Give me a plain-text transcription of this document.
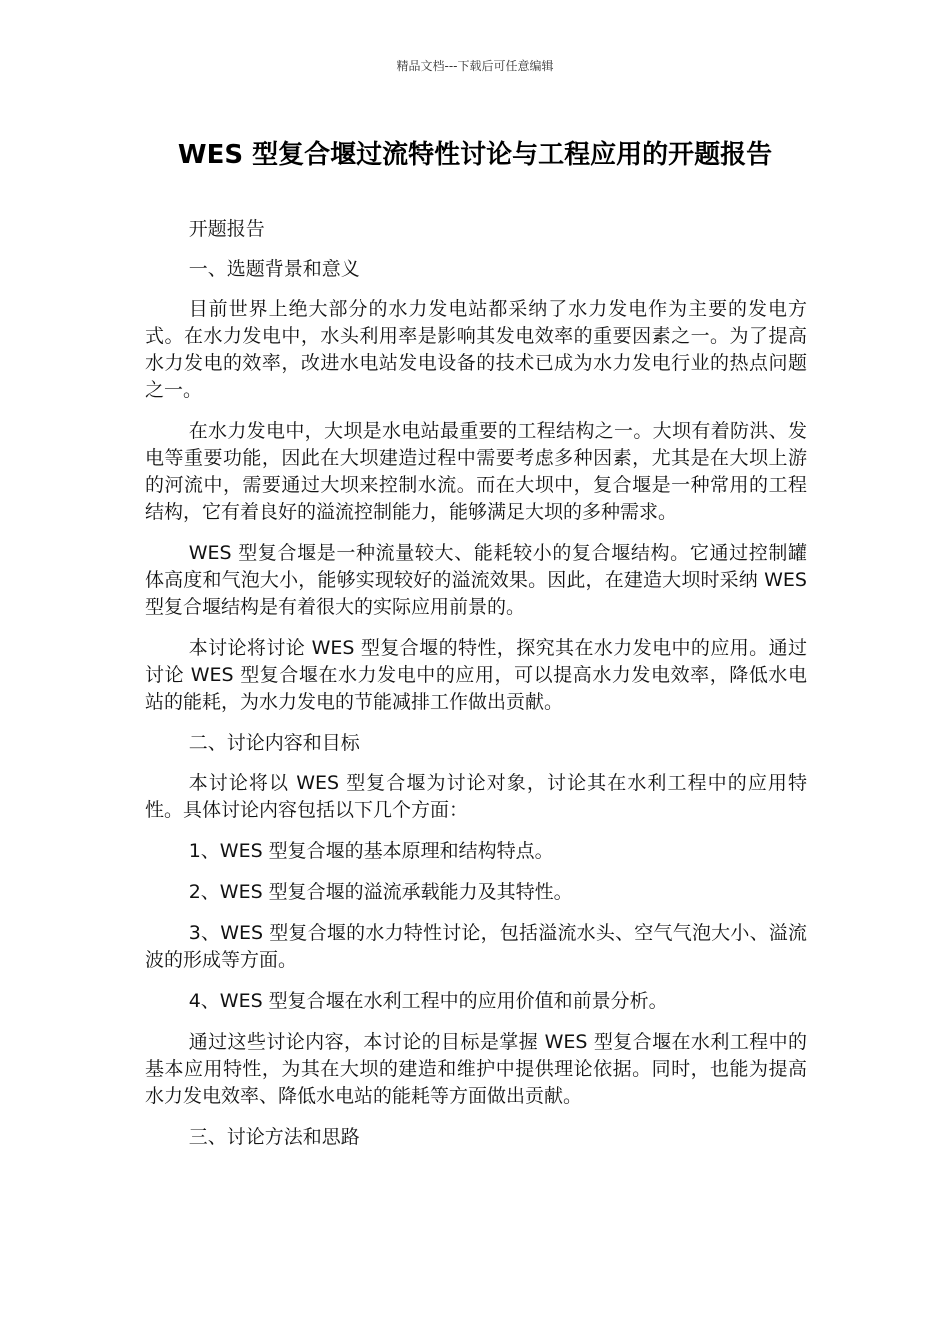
精品文档---下载后可任意编辑
WES 型复合堰过流特性讨论与工程应用的开题报告

开题报告

一、选题背景和意义

目前世界上绝大部分的水力发电站都采纳了水力发电作为主要的发电方式。在水力发电中，水头利用率是影响其发电效率的重要因素之一。为了提高水力发电的效率，改进水电站发电设备的技术已成为水力发电行业的热点问题之一。

在水力发电中，大坝是水电站最重要的工程结构之一。大坝有着防洪、发电等重要功能，因此在大坝建造过程中需要考虑多种因素，尤其是在大坝上游的河流中，需要通过大坝来控制水流。而在大坝中，复合堰是一种常用的工程结构，它有着良好的溢流控制能力，能够满足大坝的多种需求。

WES 型复合堰是一种流量较大、能耗较小的复合堰结构。它通过控制罐体高度和气泡大小，能够实现较好的溢流效果。因此，在建造大坝时采纳 WES 型复合堰结构是有着很大的实际应用前景的。

本讨论将讨论 WES 型复合堰的特性，探究其在水力发电中的应用。通过讨论 WES 型复合堰在水力发电中的应用，可以提高水力发电效率，降低水电站的能耗，为水力发电的节能减排工作做出贡献。

二、讨论内容和目标

本讨论将以 WES 型复合堰为讨论对象，讨论其在水利工程中的应用特性。具体讨论内容包括以下几个方面：

1、WES 型复合堰的基本原理和结构特点。

2、WES 型复合堰的溢流承载能力及其特性。

3、WES 型复合堰的水力特性讨论，包括溢流水头、空气气泡大小、溢流波的形成等方面。

4、WES 型复合堰在水利工程中的应用价值和前景分析。

通过这些讨论内容，本讨论的目标是掌握 WES 型复合堰在水利工程中的基本应用特性，为其在大坝的建造和维护中提供理论依据。同时，也能为提高水力发电效率、降低水电站的能耗等方面做出贡献。

三、讨论方法和思路
